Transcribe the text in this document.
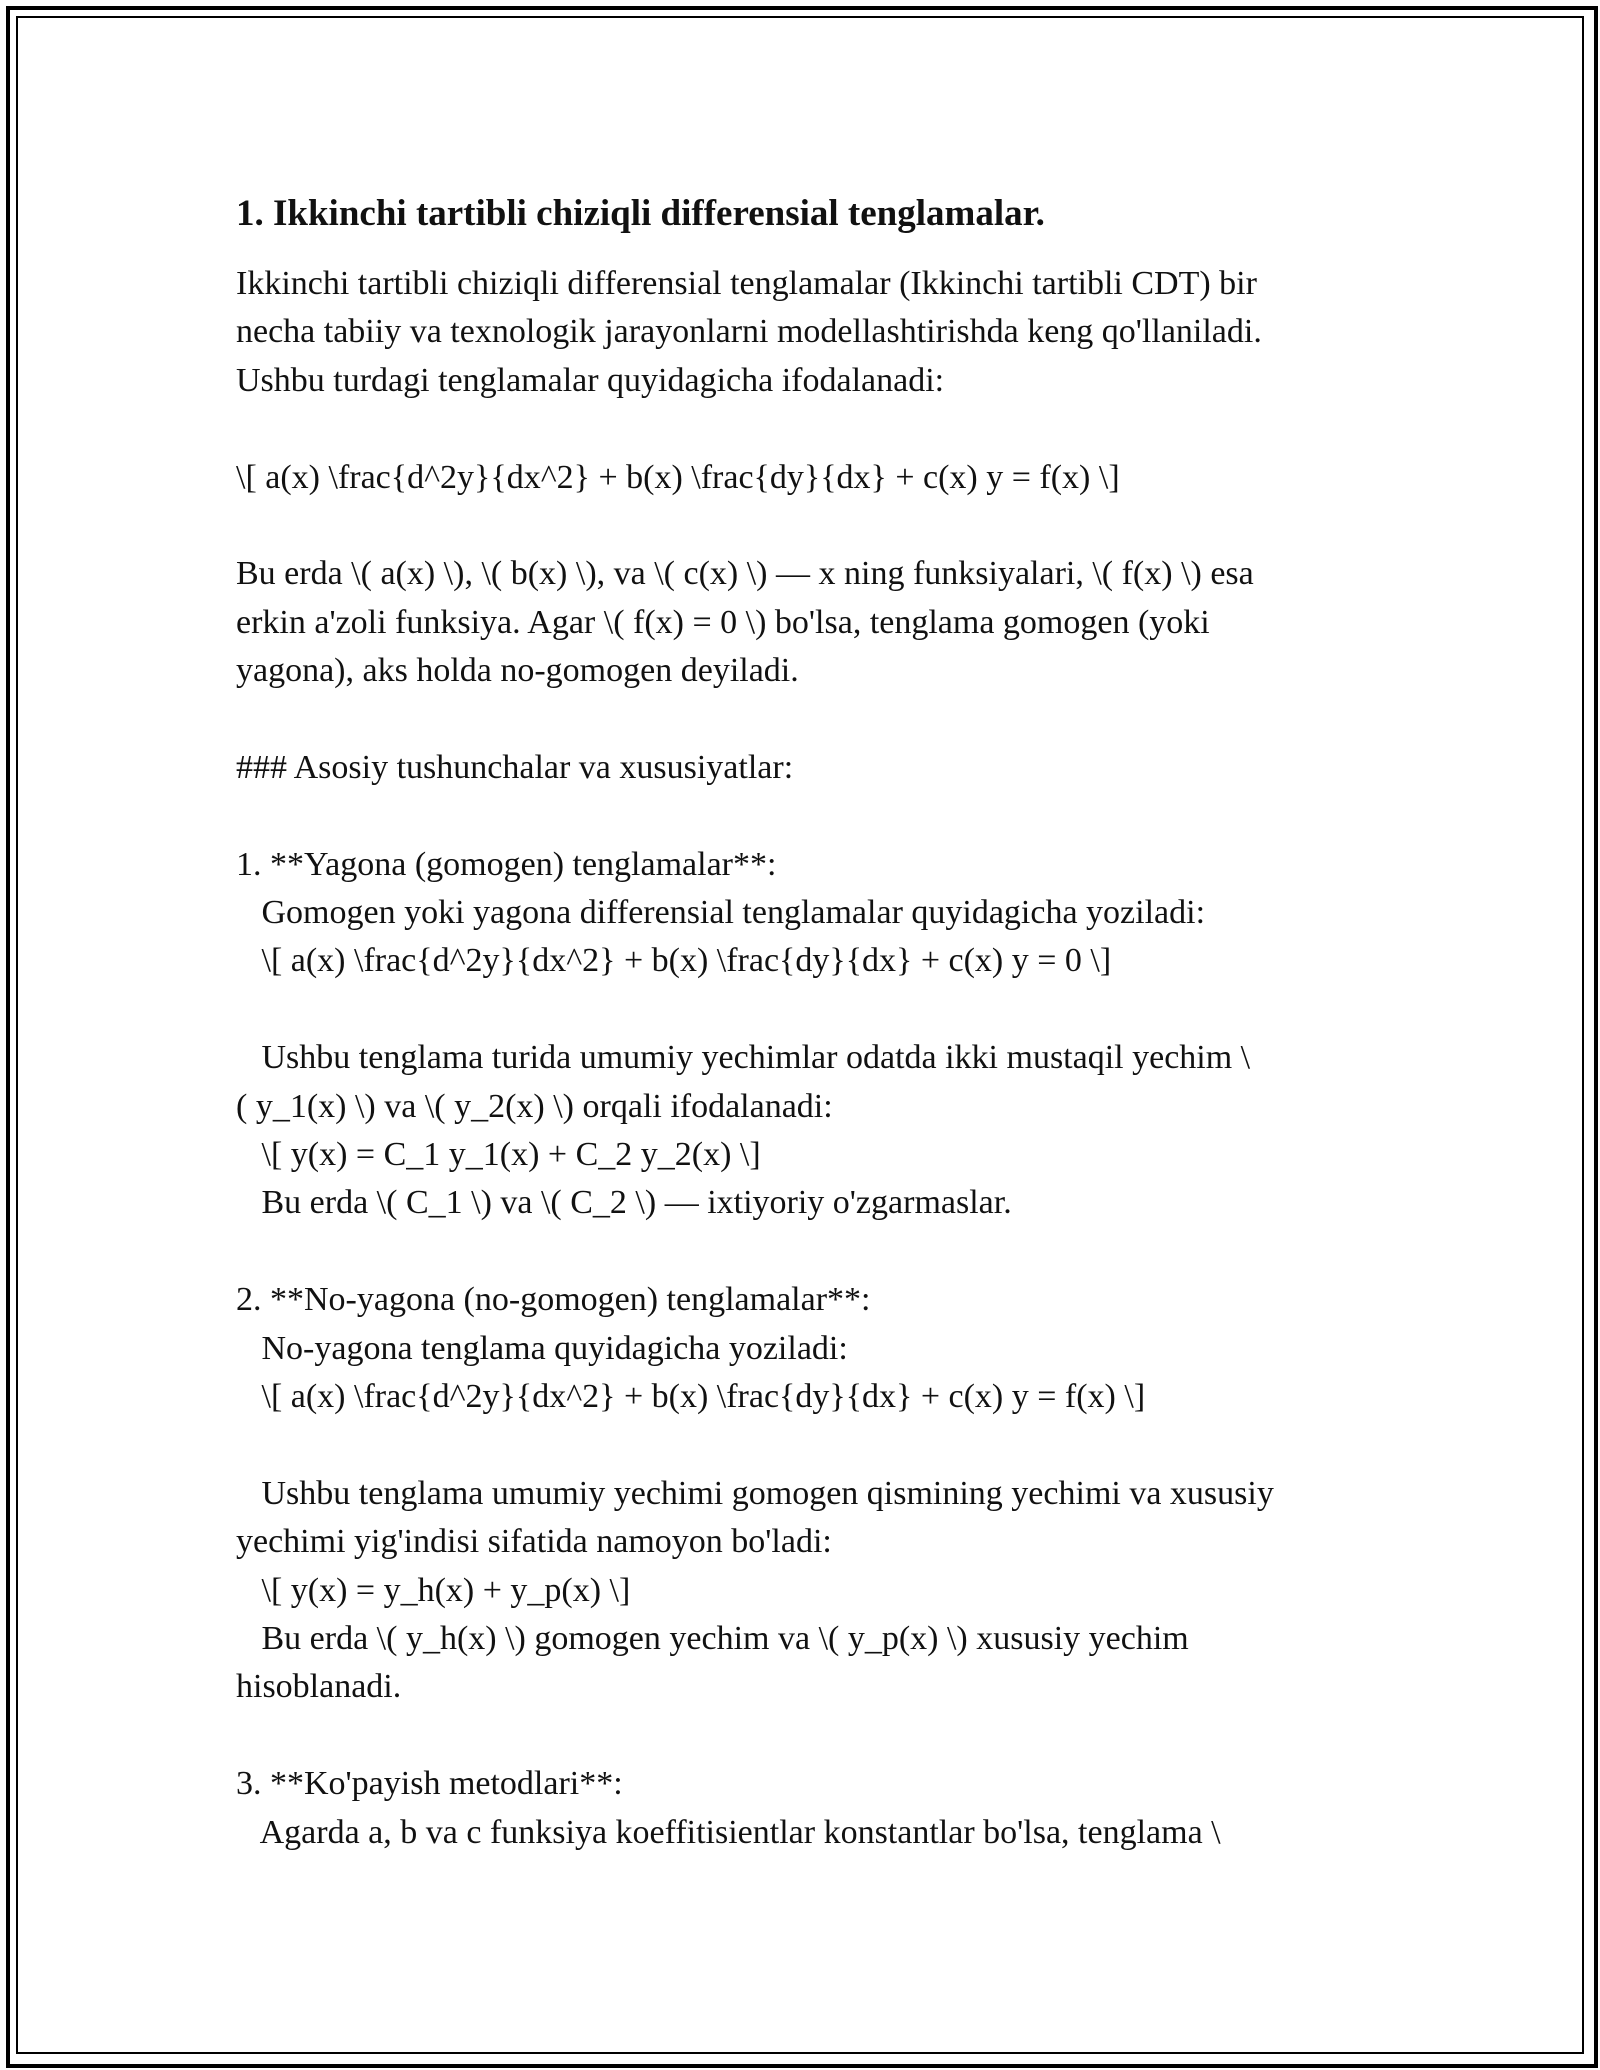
1. Ikkinchi tartibli chiziqli differensial tenglamalar.
Ikkinchi tartibli chiziqli differensial tenglamalar (Ikkinchi tartibli CDT) bir
necha tabiiy va texnologik jarayonlarni modellashtirishda keng qo'llaniladi.
Ushbu turdagi tenglamalar quyidagicha ifodalanadi:
\[ a(x) \frac{d^2y}{dx^2} + b(x) \frac{dy}{dx} + c(x) y = f(x) \]
Bu erda \( a(x) \), \( b(x) \), va \( c(x) \) — x ning funksiyalari, \( f(x) \) esa
erkin a'zoli funksiya. Agar \( f(x) = 0 \) bo'lsa, tenglama gomogen (yoki
yagona), aks holda no-gomogen deyiladi.
### Asosiy tushunchalar va xususiyatlar:
1. **Yagona (gomogen) tenglamalar**:
Gomogen yoki yagona differensial tenglamalar quyidagicha yoziladi:
\[ a(x) \frac{d^2y}{dx^2} + b(x) \frac{dy}{dx} + c(x) y = 0 \]
Ushbu tenglama turida umumiy yechimlar odatda ikki mustaqil yechim \
( y_1(x) \) va \( y_2(x) \) orqali ifodalanadi:
\[ y(x) = C_1 y_1(x) + C_2 y_2(x) \]
Bu erda \( C_1 \) va \( C_2 \) — ixtiyoriy o'zgarmaslar.
2. **No-yagona (no-gomogen) tenglamalar**:
No-yagona tenglama quyidagicha yoziladi:
\[ a(x) \frac{d^2y}{dx^2} + b(x) \frac{dy}{dx} + c(x) y = f(x) \]
Ushbu tenglama umumiy yechimi gomogen qismining yechimi va xususiy
yechimi yig'indisi sifatida namoyon bo'ladi:
\[ y(x) = y_h(x) + y_p(x) \]
Bu erda \( y_h(x) \) gomogen yechim va \( y_p(x) \) xususiy yechim
hisoblanadi.
3. **Ko'payish metodlari**:
Agarda a, b va c funksiya koeffitisientlar konstantlar bo'lsa, tenglama \
